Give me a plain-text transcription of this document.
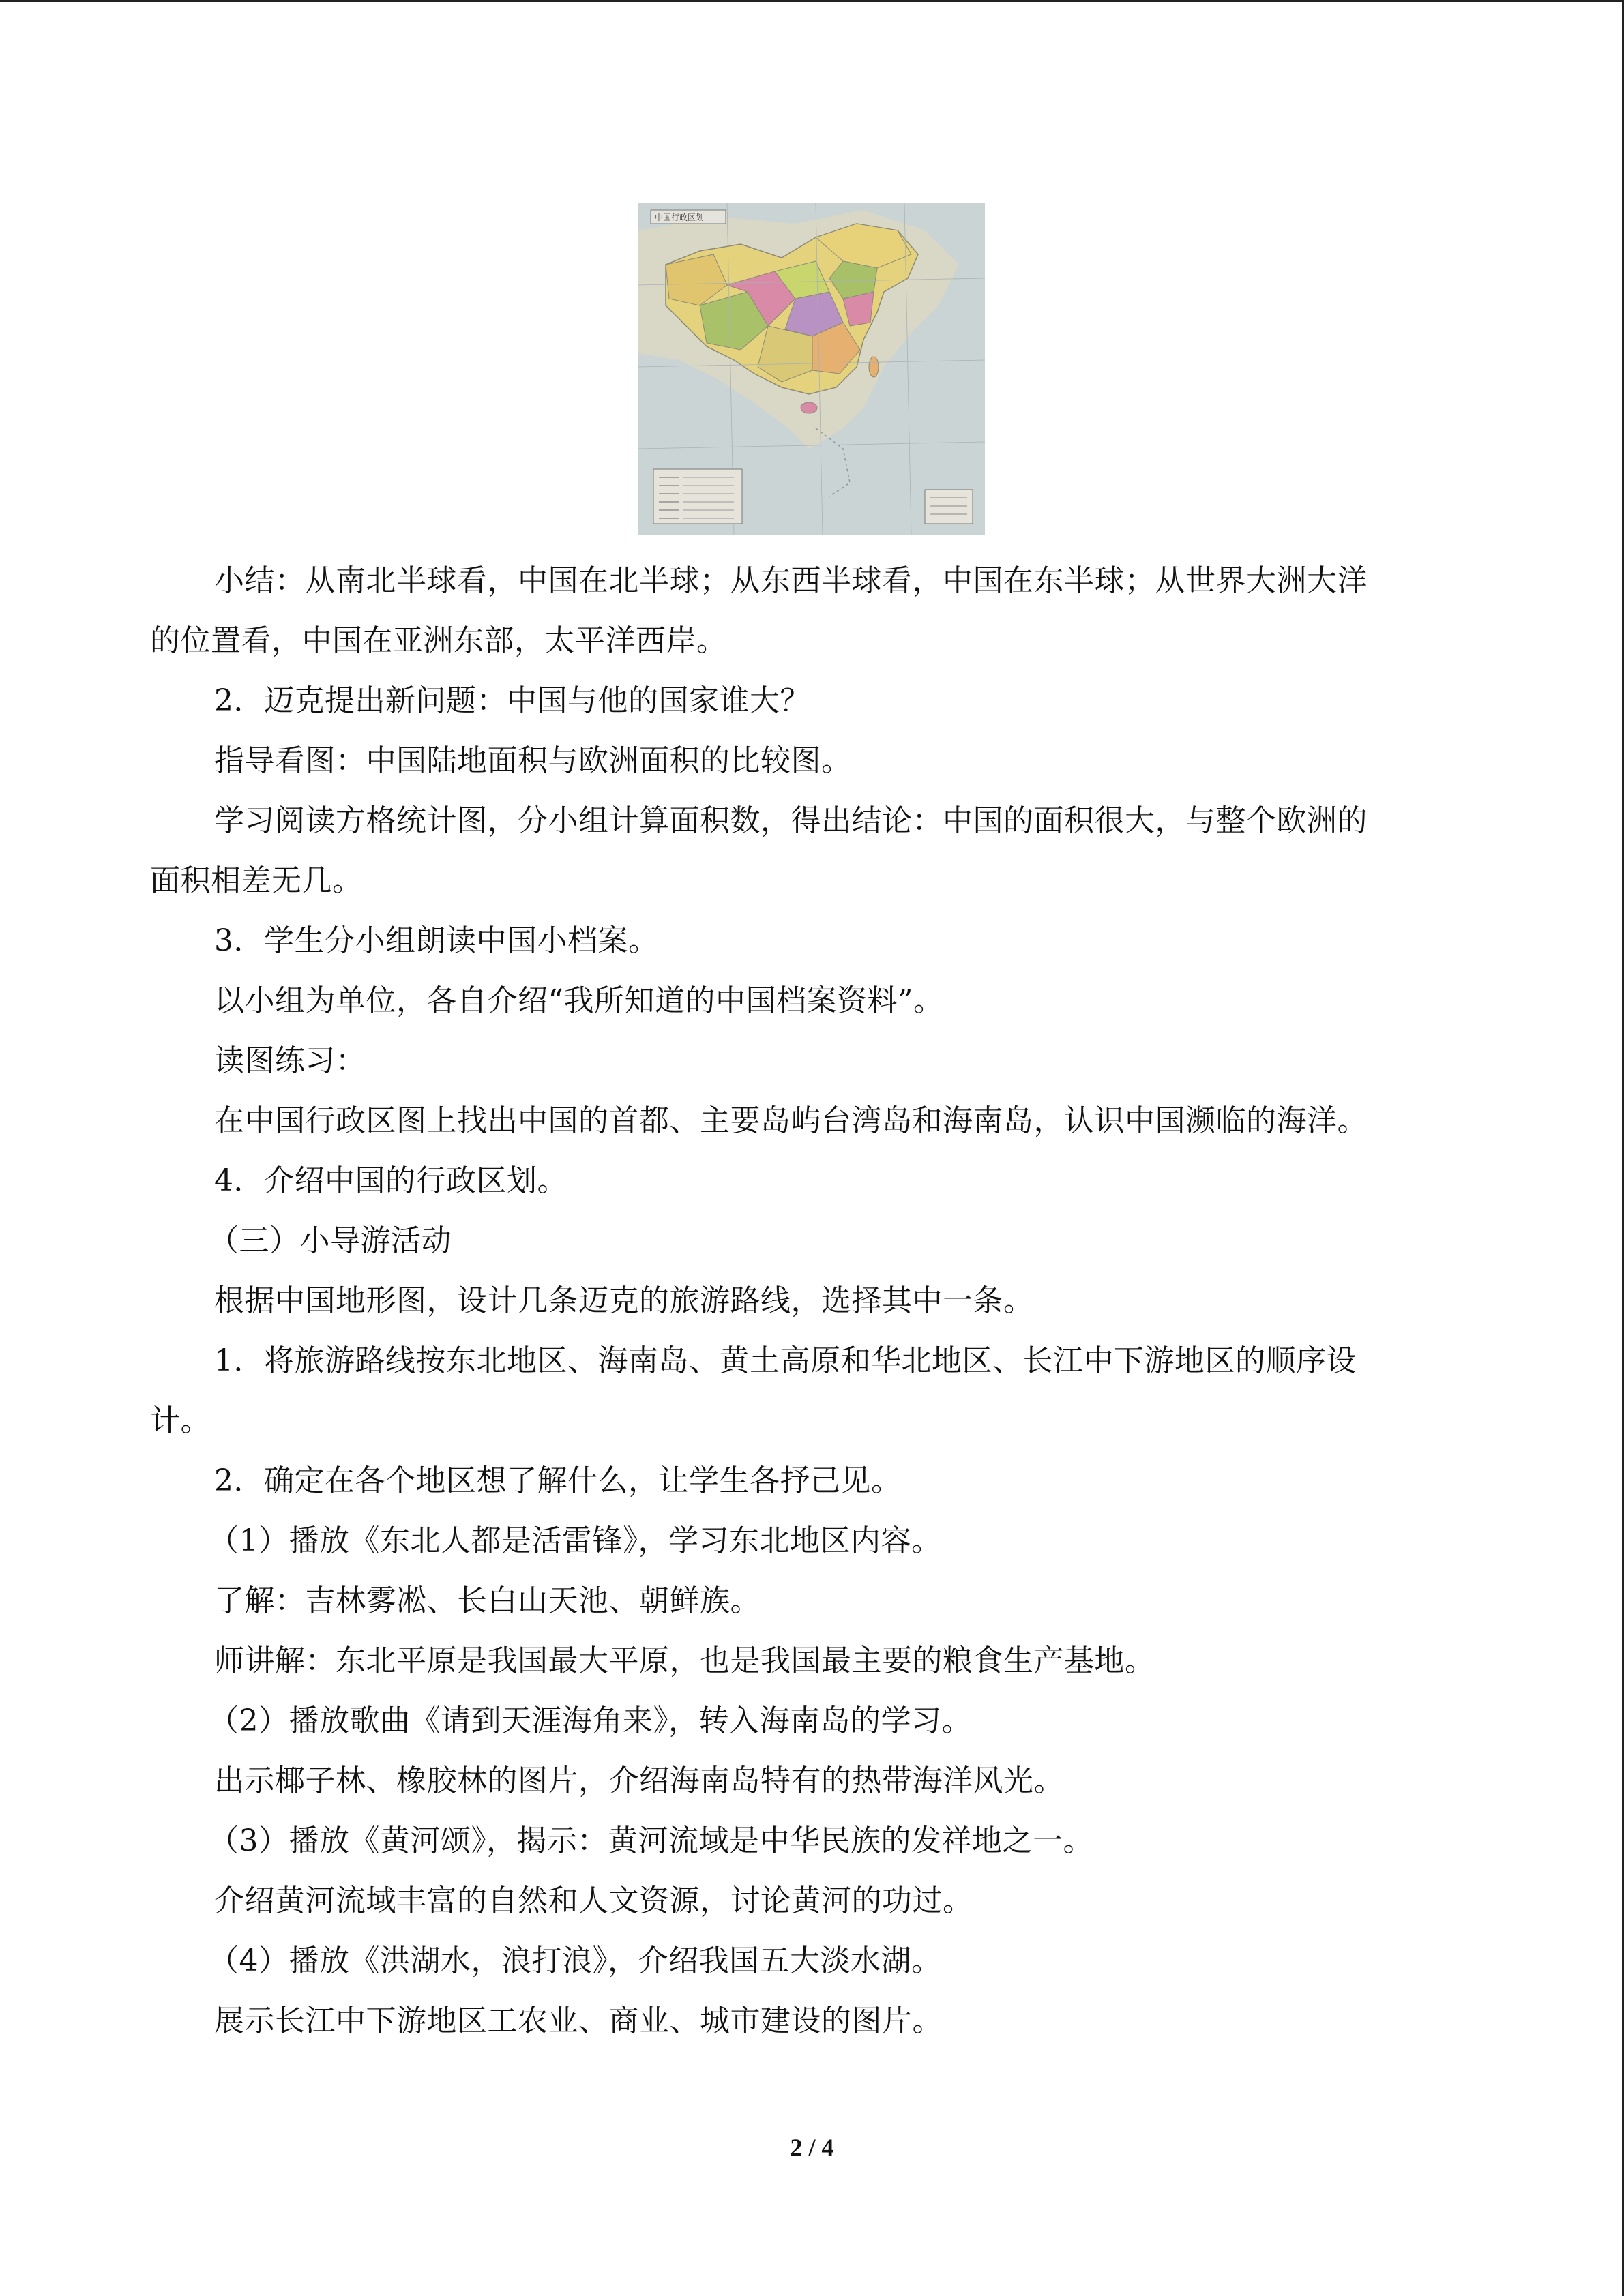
中国行政区划
小结：从南北半球看，中国在北半球；从东西半球看，中国在东半球；从世界大洲大洋
的位置看，中国在亚洲东部，太平洋西岸。
2．迈克提出新问题：中国与他的国家谁大？
指导看图：中国陆地面积与欧洲面积的比较图。
学习阅读方格统计图，分小组计算面积数，得出结论：中国的面积很大，与整个欧洲的
面积相差无几。
3．学生分小组朗读中国小档案。
以小组为单位，各自介绍“我所知道的中国档案资料”。
读图练习：
在中国行政区图上找出中国的首都、主要岛屿台湾岛和海南岛，认识中国濒临的海洋。
4．介绍中国的行政区划。
（三）小导游活动
根据中国地形图，设计几条迈克的旅游路线，选择其中一条。
1．将旅游路线按东北地区、海南岛、黄土高原和华北地区、长江中下游地区的顺序设
计。
2．确定在各个地区想了解什么，让学生各抒己见。
（1）播放《东北人都是活雷锋》，学习东北地区内容。
了解：吉林雾凇、长白山天池、朝鲜族。
师讲解：东北平原是我国最大平原，也是我国最主要的粮食生产基地。
（2）播放歌曲《请到天涯海角来》，转入海南岛的学习。
出示椰子林、橡胶林的图片，介绍海南岛特有的热带海洋风光。
（3）播放《黄河颂》，揭示：黄河流域是中华民族的发祥地之一。
介绍黄河流域丰富的自然和人文资源，讨论黄河的功过。
（4）播放《洪湖水，浪打浪》，介绍我国五大淡水湖。
展示长江中下游地区工农业、商业、城市建设的图片。
2 / 4
